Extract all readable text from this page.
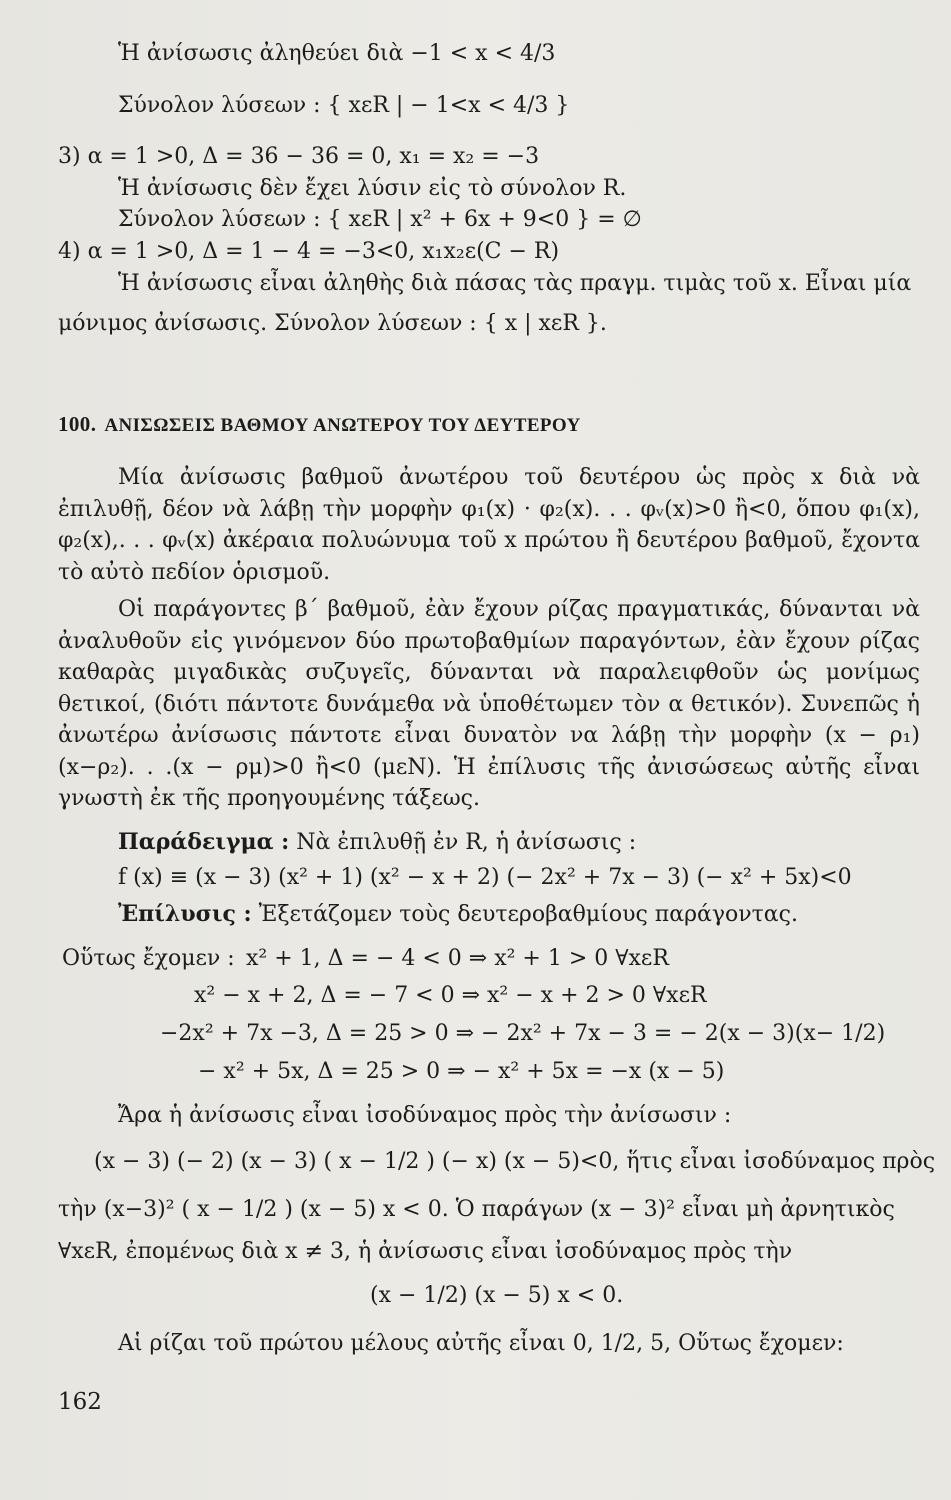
Ἡ ἀνίσωσις ἀληθεύει διὰ −1 < x < 4/3
Σύνολον λύσεων : { xεR | − 1<x < 4/3 }
3) α = 1 >0, Δ = 36 − 36 = 0, x₁ = x₂ = −3
Ἡ ἀνίσωσις δὲν ἔχει λύσιν εἰς τὸ σύνολον R.
Σύνολον λύσεων : { xεR | x² + 6x + 9<0 } = ∅
4) α = 1 >0, Δ = 1 − 4 = −3<0, x₁x₂ε(C − R)
Ἡ ἀνίσωσις εἶναι ἀληθὴς διὰ πάσας τὰς πραγμ. τιμὰς τοῦ x. Εἶναι μία
μόνιμος ἀνίσωσις. Σύνολον λύσεων : { x | xεR }.
100. ΑΝΙΣΩΣΕΙΣ ΒΑΘΜΟΥ ΑΝΩΤΕΡΟΥ ΤΟΥ ΔΕΥΤΕΡΟΥ
Μία ἀνίσωσις βαθμοῦ ἀνωτέρου τοῦ δευτέρου ὡς πρὸς x διὰ νὰ ἐπιλυθῇ, δέον νὰ λάβῃ τὴν μορφὴν φ₁(x) · φ₂(x). . . φᵥ(x)>0 ἢ<0, ὅπου φ₁(x), φ₂(x),. . . φᵥ(x) ἀκέραια πολυώνυμα τοῦ x πρώτου ἢ δευτέρου βαθμοῦ, ἔχοντα τὸ αὐτὸ πεδίον ὁρισμοῦ.
Οἱ παράγοντες β΄ βαθμοῦ, ἐὰν ἔχουν ρίζας πραγματικάς, δύνανται νὰ ἀναλυθοῦν εἰς γινόμενον δύο πρωτοβαθμίων παραγόντων, ἐὰν ἔχουν ρίζας καθαρὰς μιγαδικὰς συζυγεῖς, δύνανται νὰ παραλειφθοῦν ὡς μονίμως θετικοί, (διότι πάντοτε δυνάμεθα νὰ ὑποθέτωμεν τὸν α θετικόν). Συνεπῶς ἡ ἀνωτέρω ἀνίσωσις πάντοτε εἶναι δυνατὸν να λάβῃ τὴν μορφὴν (x − ρ₁) (x−ρ₂). . .(x − ρμ)>0 ἢ<0 (μεN). Ἡ ἐπίλυσις τῆς ἀνισώσεως αὐτῆς εἶναι γνωστὴ ἐκ τῆς προηγουμένης τάξεως.
Παράδειγμα : Νὰ ἐπιλυθῇ ἐν R, ἡ ἀνίσωσις :
f (x) ≡ (x − 3) (x² + 1) (x² − x + 2) (− 2x² + 7x − 3) (− x² + 5x)<0
Ἐπίλυσις : Ἐξετάζομεν τοὺς δευτεροβαθμίους παράγοντας.
Οὕτως ἔχομεν : x² + 1, Δ = − 4 < 0 ⇒ x² + 1 > 0 ∀xεR
x² − x + 2, Δ = − 7 < 0 ⇒ x² − x + 2 > 0 ∀xεR
−2x² + 7x −3, Δ = 25 > 0 ⇒ − 2x² + 7x − 3 = − 2(x − 3)(x− 1/2)
− x² + 5x, Δ = 25 > 0 ⇒ − x² + 5x = −x (x − 5)
Ἄρα ἡ ἀνίσωσις εἶναι ἰσοδύναμος πρὸς τὴν ἀνίσωσιν :
(x − 3) (− 2) (x − 3) ( x − 1/2 ) (− x) (x − 5)<0, ἥτις εἶναι ἰσοδύναμος πρὸς
τὴν (x−3)² ( x − 1/2 ) (x − 5) x < 0. Ὁ παράγων (x − 3)² εἶναι μὴ ἀρνητικὸς
∀xεR, ἐπομένως διὰ x ≠ 3, ἡ ἀνίσωσις εἶναι ἰσοδύναμος πρὸς τὴν
(x − 1/2) (x − 5) x < 0.
Αἱ ρίζαι τοῦ πρώτου μέλους αὐτῆς εἶναι 0, 1/2, 5, Οὕτως ἔχομεν:
162
